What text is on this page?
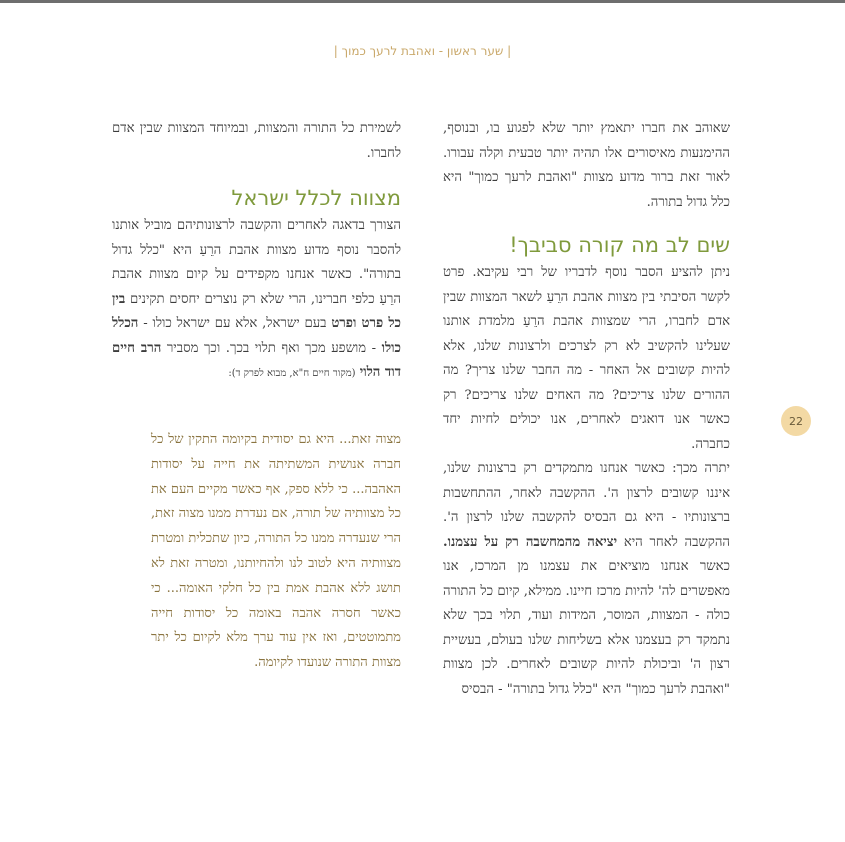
| שער ראשון - ואהבת לרעך כמוך |

שאוהב את חברו יתאמץ יותר שלא לפגוע בו, ובנוסף, ההימנעות מאיסורים אלו תהיה יותר טבעית וקלה עבורו. לאור זאת ברור מדוע מצוות "ואהבת לרעך כמוך" היא כלל גדול בתורה.

שים לב מה קורה סביבך!

ניתן להציע הסבר נוסף לדבריו של רבי עקיבא. פרט לקשר הסיבתי בין מצוות אהבת הרֵעַ לשאר המצוות שבין אדם לחברו, הרי שמצוות אהבת הרֵעַ מלמדת אותנו שעלינו להקשיב לא רק לצרכים ולרצונות שלנו, אלא להיות קשובים אל האחר - מה החבר שלנו צריך? מה ההורים שלנו צריכים? מה האחים שלנו צריכים? רק כאשר אנו דואגים לאחרים, אנו יכולים לחיות יחד כחברה.

יתרה מכך: כאשר אנחנו מתמקדים רק ברצונות שלנו, איננו קשובים לרצון ה'. ההקשבה לאחר, ההתחשבות ברצונותיו - היא גם הבסיס להקשבה שלנו לרצון ה'. ההקשבה לאחר היא יציאה מהמחשבה רק על עצמנו. כאשר אנחנו מוציאים את עצמנו מן המרכז, אנו מאפשרים לה' להיות מרכז חיינו. ממילא, קיום כל התורה כולה - המצוות, המוסר, המידות ועוד, תלוי בכך שלא נתמקד רק בעצמנו אלא בשליחות שלנו בעולם, בעשיית רצון ה' וביכולת להיות קשובים לאחרים. לכן מצוות "ואהבת לרעך כמוך" היא "כלל גדול בתורה" - הבסיס

לשמירת כל התורה והמצוות, ובמיוחד המצוות שבין אדם לחברו.

מצווה לכלל ישראל

הצורך בדאגה לאחרים והקשבה לרצונותיהם מוביל אותנו להסבר נוסף מדוע מצוות אהבת הרֵעַ היא "כלל גדול בתורה". כאשר אנחנו מקפידים על קיום מצוות אהבת הרֵעַ כלפי חברינו, הרי שלא רק נוצרים יחסים תקינים בין כל פרט ופרט בעם ישראל, אלא עם ישראל כולו - הכלל כולו - מושפע מכך ואף תלוי בכך. וכך מסביר הרב חיים דוד הלוי (מקור חיים ח"א, מבוא לפרק ד):

מצוה זאת... היא גם יסודית בקיומה התקין של כל חברה אנושית המשתיתה את חייה על יסודות האהבה... כי ללא ספק, אף כאשר מקיים העם את כל מצוותיה של תורה, אם נעדרת ממנו מצוה זאת, הרי שנעדרה ממנו כל התורה, כיון שתכלית ומטרת מצוותיה היא לטוב לנו ולהחיותנו, ומטרה זאת לא תושג ללא אהבת אמת בין כל חלקי האומה... כי כאשר חסרה אהבה באומה כל יסודות חייה מתמוטטים, ואז אין עוד ערך מלא לקיום כל יתר מצוות התורה שנועדו לקיומה.

22
